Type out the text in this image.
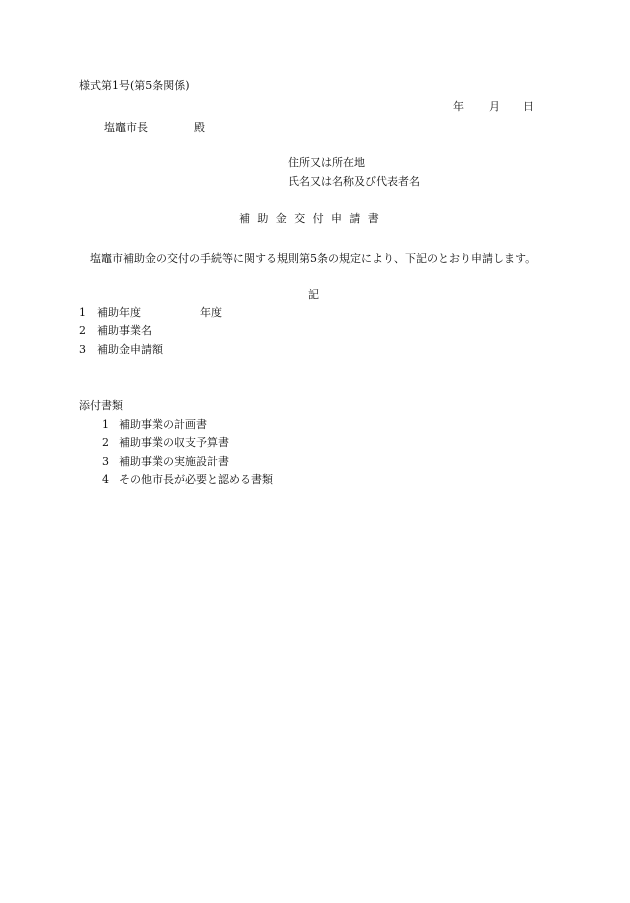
様式第1号(第5条関係)
年 月 日
塩竈市長	殿
住所又は所在地
氏名又は名称及び代表者名
補助金交付申請書
塩竈市補助金の交付の手続等に関する規則第5条の規定により、下記のとおり申請します。
記
1 補助年度	年度
2 補助事業名
3 補助金申請額
添付書類
1 補助事業の計画書
2 補助事業の収支予算書
3 補助事業の実施設計書
4 その他市長が必要と認める書類
